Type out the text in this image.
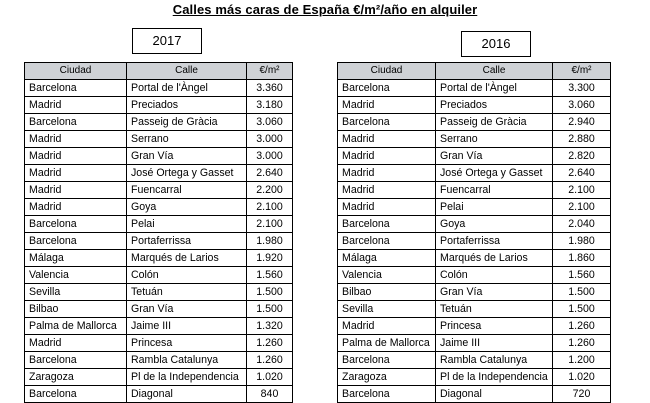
Calles más caras de España €/m²/año en alquiler
2017	2016
Ciudad	Calle	€/m²
Barcelona	Portal de l'Àngel	3.360
Madrid	Preciados	3.180
Barcelona	Passeig de Gràcia	3.060
Madrid	Serrano	3.000
Madrid	Gran Vía	3.000
Madrid	José Ortega y Gasset	2.640
Madrid	Fuencarral	2.200
Madrid	Goya	2.100
Barcelona	Pelai	2.100
Barcelona	Portaferrissa	1.980
Málaga	Marqués de Larios	1.920
Valencia	Colón	1.560
Sevilla	Tetuán	1.500
Bilbao	Gran Vía	1.500
Palma de Mallorca	Jaime III	1.320
Madrid	Princesa	1.260
Barcelona	Rambla Catalunya	1.260
Zaragoza	Pl de la Independencia	1.020
Barcelona	Diagonal	840
Ciudad	Calle	€/m²
Barcelona	Portal de l'Àngel	3.300
Madrid	Preciados	3.060
Barcelona	Passeig de Gràcia	2.940
Madrid	Serrano	2.880
Madrid	Gran Vía	2.820
Madrid	José Ortega y Gasset	2.640
Madrid	Fuencarral	2.100
Madrid	Pelai	2.100
Barcelona	Goya	2.040
Barcelona	Portaferrissa	1.980
Málaga	Marqués de Larios	1.860
Valencia	Colón	1.560
Bilbao	Gran Vía	1.500
Sevilla	Tetuán	1.500
Madrid	Princesa	1.260
Palma de Mallorca	Jaime III	1.260
Barcelona	Rambla Catalunya	1.200
Zaragoza	Pl de la Independencia	1.020
Barcelona	Diagonal	720
